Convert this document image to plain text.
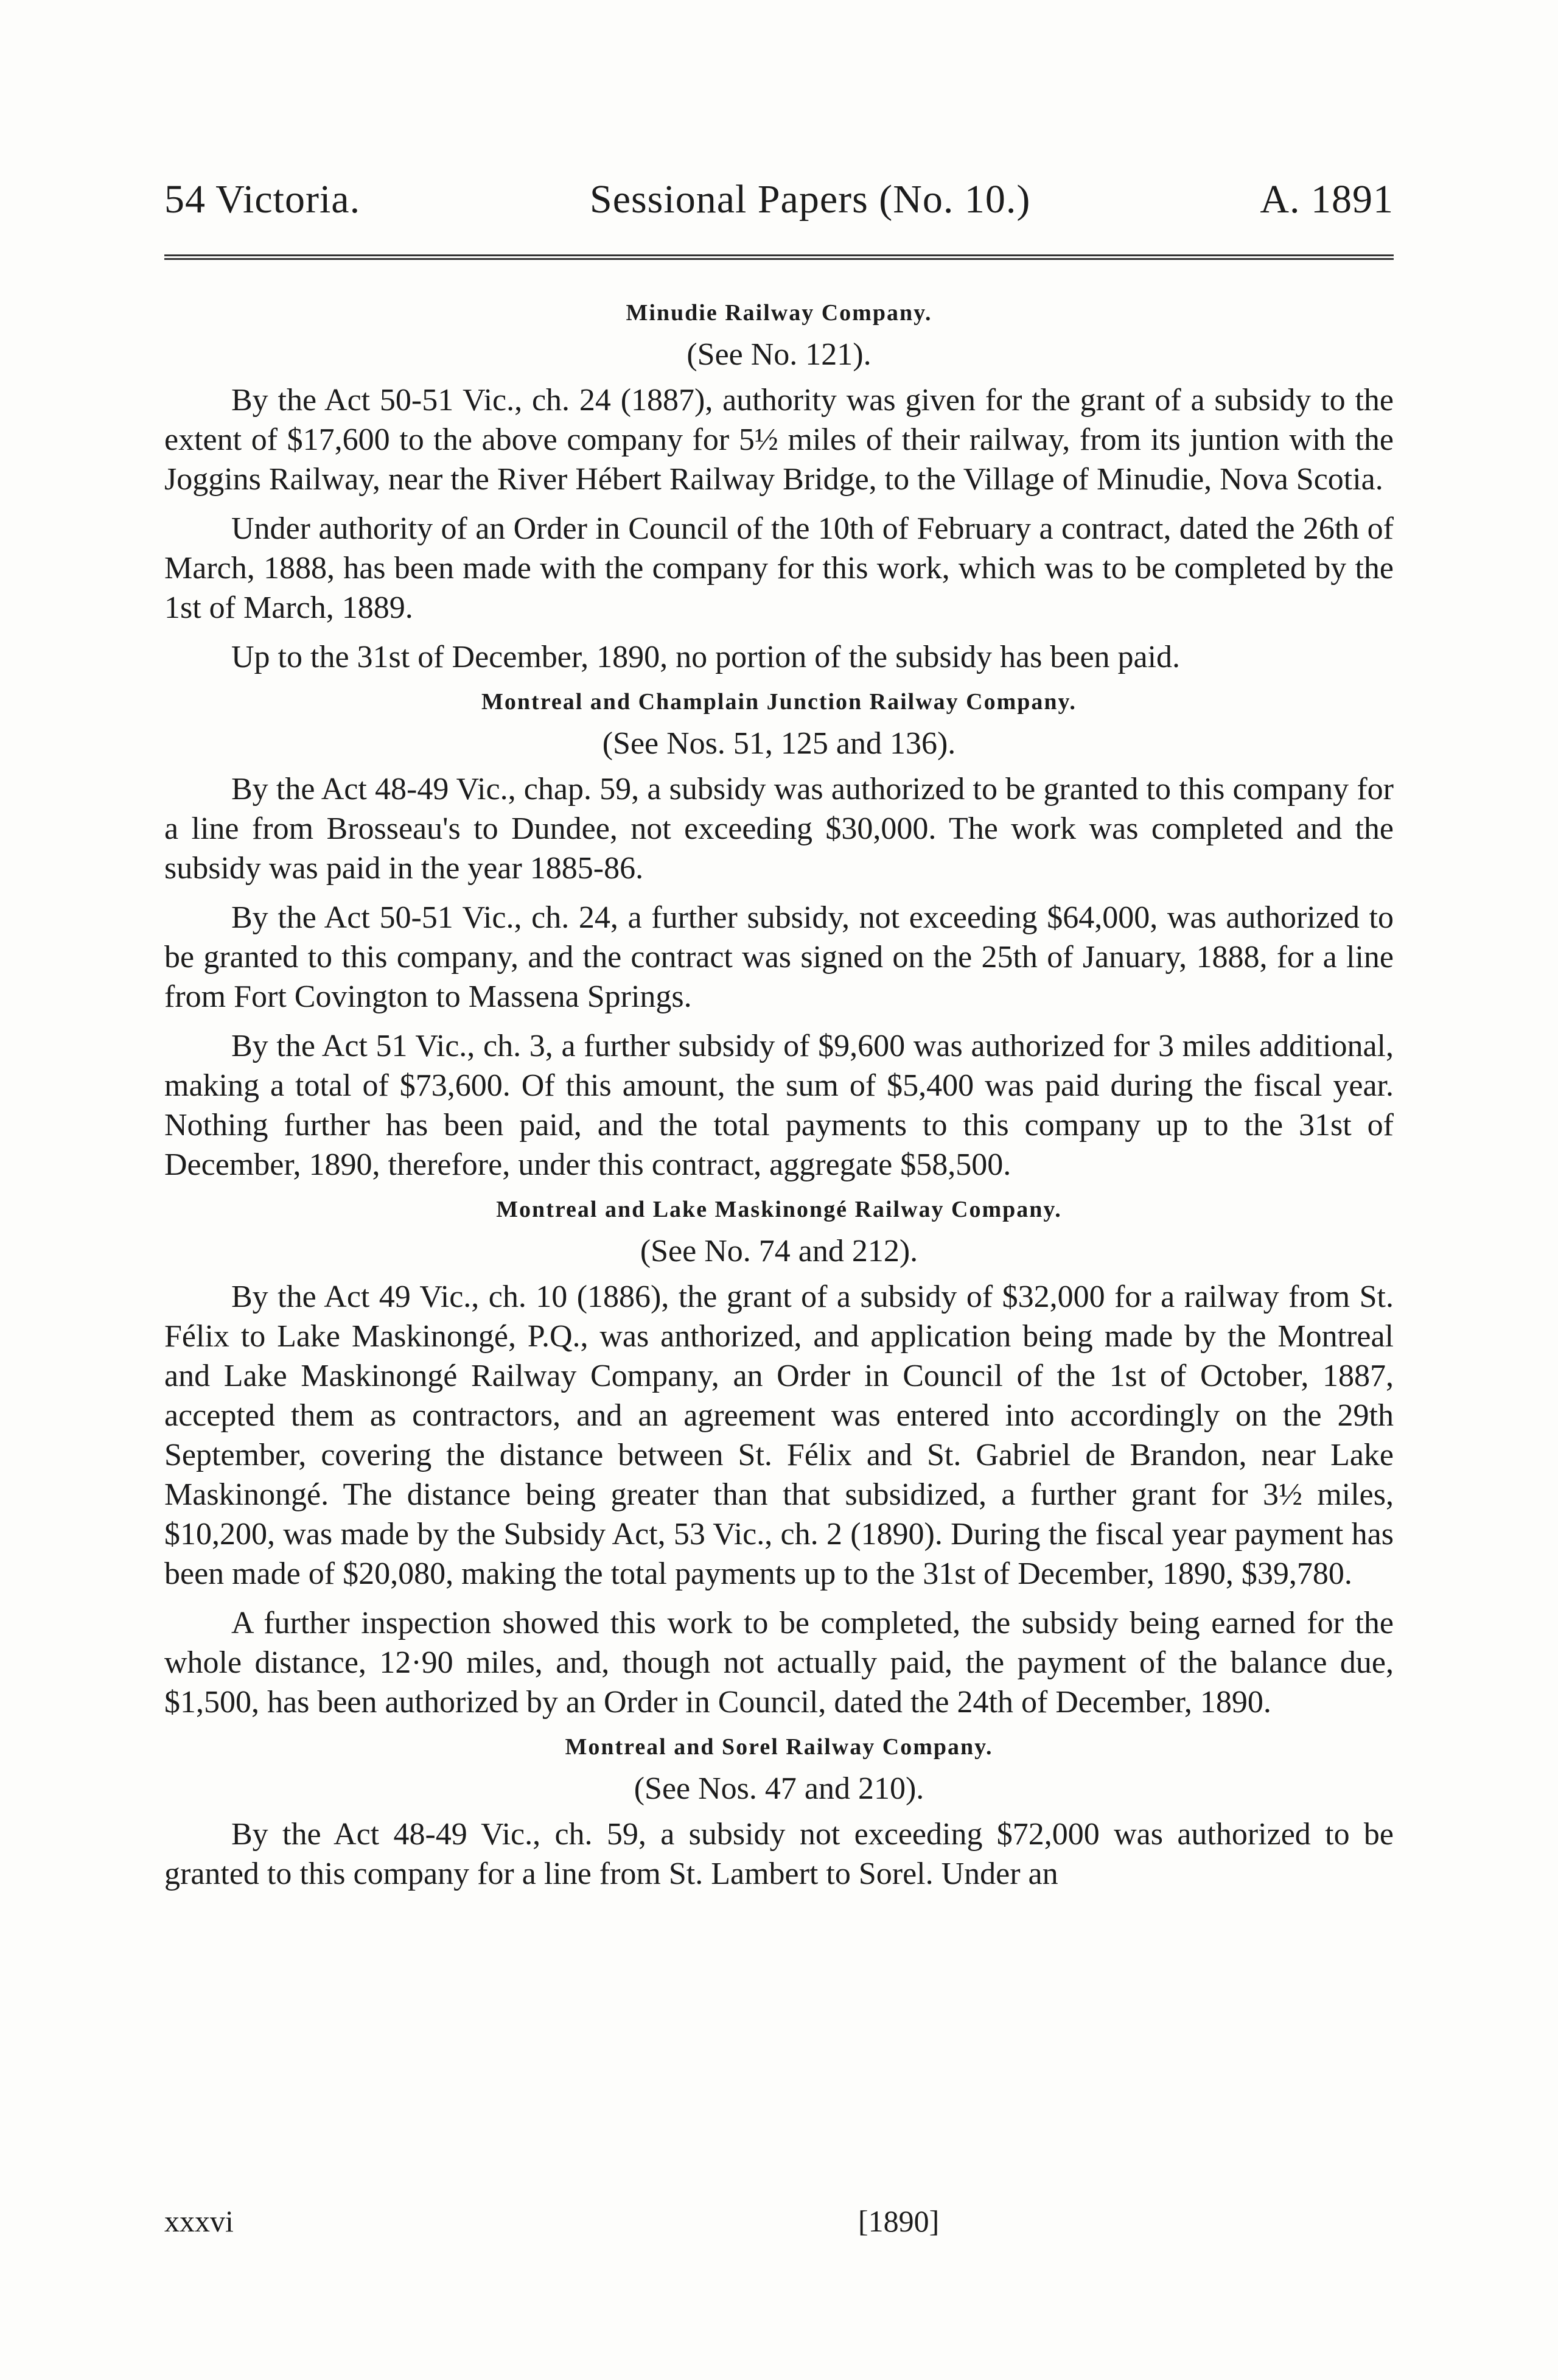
54 Victoria.	Sessional Papers (No. 10.)	A. 1891
Minudie Railway Company.
(See No. 121).

By the Act 50-51 Vic., ch. 24 (1887), authority was given for the grant of a subsidy to the extent of $17,600 to the above company for 5½ miles of their railway, from its juntion with the Joggins Railway, near the River Hébert Railway Bridge, to the Village of Minudie, Nova Scotia.

Under authority of an Order in Council of the 10th of February a contract, dated the 26th of March, 1888, has been made with the company for this work, which was to be completed by the 1st of March, 1889.

Up to the 31st of December, 1890, no portion of the subsidy has been paid.

Montreal and Champlain Junction Railway Company.
(See Nos. 51, 125 and 136).

By the Act 48-49 Vic., chap. 59, a subsidy was authorized to be granted to this company for a line from Brosseau's to Dundee, not exceeding $30,000. The work was completed and the subsidy was paid in the year 1885-86.

By the Act 50-51 Vic., ch. 24, a further subsidy, not exceeding $64,000, was authorized to be granted to this company, and the contract was signed on the 25th of January, 1888, for a line from Fort Covington to Massena Springs.

By the Act 51 Vic., ch. 3, a further subsidy of $9,600 was authorized for 3 miles additional, making a total of $73,600. Of this amount, the sum of $5,400 was paid during the fiscal year. Nothing further has been paid, and the total payments to this company up to the 31st of December, 1890, therefore, under this contract, aggregate $58,500.

Montreal and Lake Maskinongé Railway Company.
(See No. 74 and 212).

By the Act 49 Vic., ch. 10 (1886), the grant of a subsidy of $32,000 for a railway from St. Félix to Lake Maskinongé, P.Q., was anthorized, and application being made by the Montreal and Lake Maskinongé Railway Company, an Order in Council of the 1st of October, 1887, accepted them as contractors, and an agreement was entered into accordingly on the 29th September, covering the distance between St. Félix and St. Gabriel de Brandon, near Lake Maskinongé. The distance being greater than that subsidized, a further grant for 3½ miles, $10,200, was made by the Subsidy Act, 53 Vic., ch. 2 (1890). During the fiscal year payment has been made of $20,080, making the total payments up to the 31st of December, 1890, $39,780.

A further inspection showed this work to be completed, the subsidy being earned for the whole distance, 12·90 miles, and, though not actually paid, the payment of the balance due, $1,500, has been authorized by an Order in Council, dated the 24th of December, 1890.

Montreal and Sorel Railway Company.
(See Nos. 47 and 210).

By the Act 48-49 Vic., ch. 59, a subsidy not exceeding $72,000 was authorized to be granted to this company for a line from St. Lambert to Sorel. Under an

xxxvi	[1890]
